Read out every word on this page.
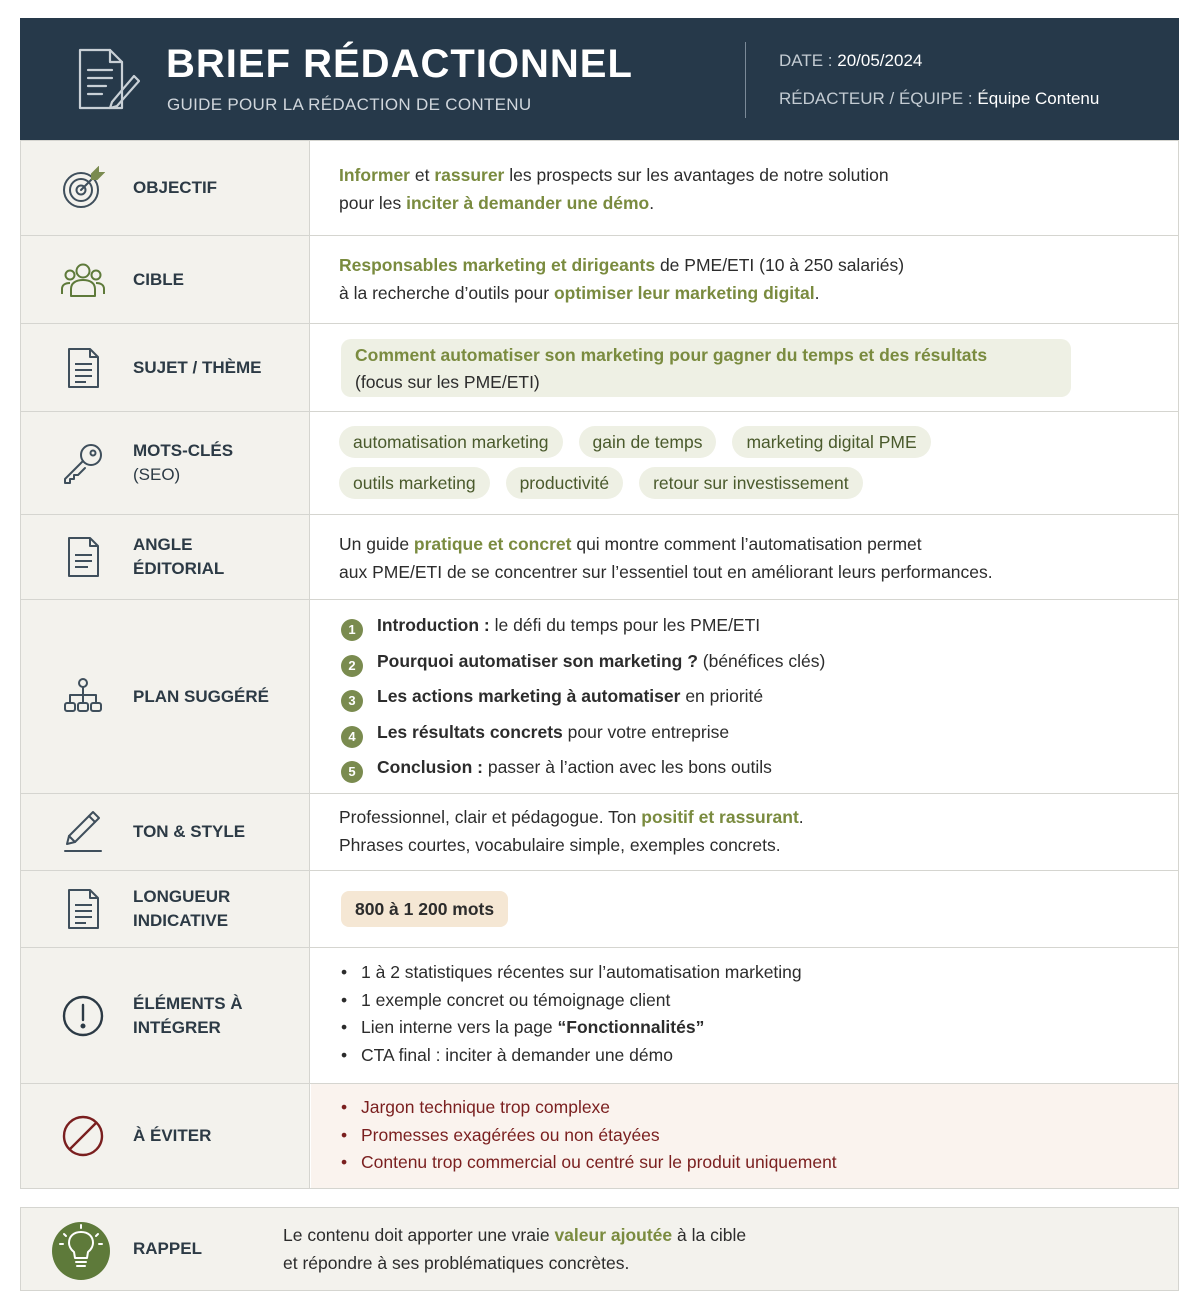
BRIEF RÉDACTIONNEL
GUIDE POUR LA RÉDACTION DE CONTENU
DATE : 20/05/2024
RÉDACTEUR / ÉQUIPE : Équipe Contenu
OBJECTIF
Informer et rassurer les prospects sur les avantages de notre solution
pour les inciter à demander une démo.
CIBLE
Responsables marketing et dirigeants de PME/ETI (10 à 250 salariés)
à la recherche d’outils pour optimiser leur marketing digital.
SUJET / THÈME
Comment automatiser son marketing pour gagner du temps et des résultats
(focus sur les PME/ETI)
MOTS-CLÉS
(SEO)
automatisation marketing	gain de temps	marketing digital PME
outils marketing	productivité	retour sur investissement
ANGLE
ÉDITORIAL
Un guide pratique et concret qui montre comment l’automatisation permet
aux PME/ETI de se concentrer sur l’essentiel tout en améliorant leurs performances.
PLAN SUGGÉRÉ
1 Introduction : le défi du temps pour les PME/ETI
2 Pourquoi automatiser son marketing ? (bénéfices clés)
3 Les actions marketing à automatiser en priorité
4 Les résultats concrets pour votre entreprise
5 Conclusion : passer à l’action avec les bons outils
TON & STYLE
Professionnel, clair et pédagogue. Ton positif et rassurant.
Phrases courtes, vocabulaire simple, exemples concrets.
LONGUEUR
INDICATIVE
800 à 1 200 mots
ÉLÉMENTS À
INTÉGRER
• 1 à 2 statistiques récentes sur l’automatisation marketing
• 1 exemple concret ou témoignage client
• Lien interne vers la page “Fonctionnalités”
• CTA final : inciter à demander une démo
À ÉVITER
• Jargon technique trop complexe
• Promesses exagérées ou non étayées
• Contenu trop commercial ou centré sur le produit uniquement
RAPPEL
Le contenu doit apporter une vraie valeur ajoutée à la cible
et répondre à ses problématiques concrètes.
